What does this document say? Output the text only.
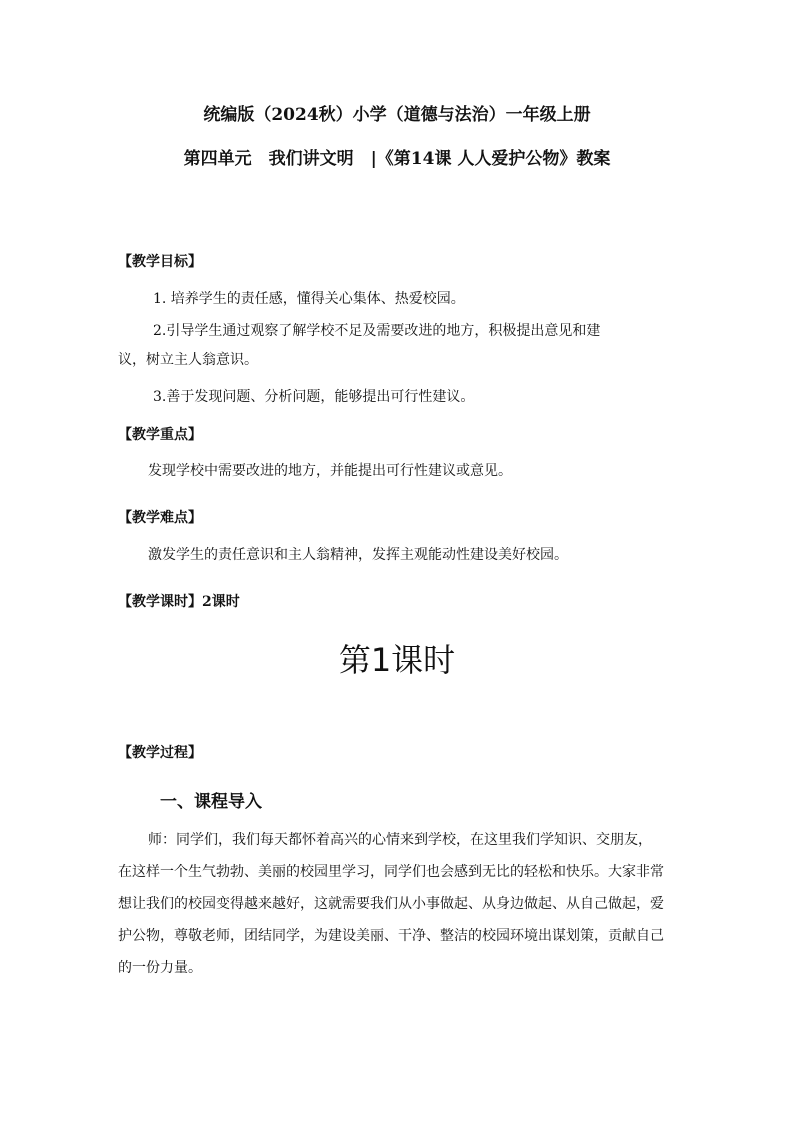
统编版（2024秋）小学（道德与法治）一年级上册
第四单元　我们讲文明　|《第14课 人人爱护公物》教案
【教学目标】
1. 培养学生的责任感，懂得关心集体、热爱校园。
2.引导学生通过观察了解学校不足及需要改进的地方，积极提出意见和建
议，树立主人翁意识。
3.善于发现问题、分析问题，能够提出可行性建议。
【教学重点】
发现学校中需要改进的地方，并能提出可行性建议或意见。
【教学难点】
激发学生的责任意识和主人翁精神，发挥主观能动性建设美好校园。
【教学课时】2课时
第1课时
【教学过程】
一、课程导入
师：同学们，我们每天都怀着高兴的心情来到学校，在这里我们学知识、交朋友，
在这样一个生气勃勃、美丽的校园里学习，同学们也会感到无比的轻松和快乐。大家非常
想让我们的校园变得越来越好，这就需要我们从小事做起、从身边做起、从自己做起，爱
护公物，尊敬老师，团结同学，为建设美丽、干净、整洁的校园环境出谋划策，贡献自己
的一份力量。
